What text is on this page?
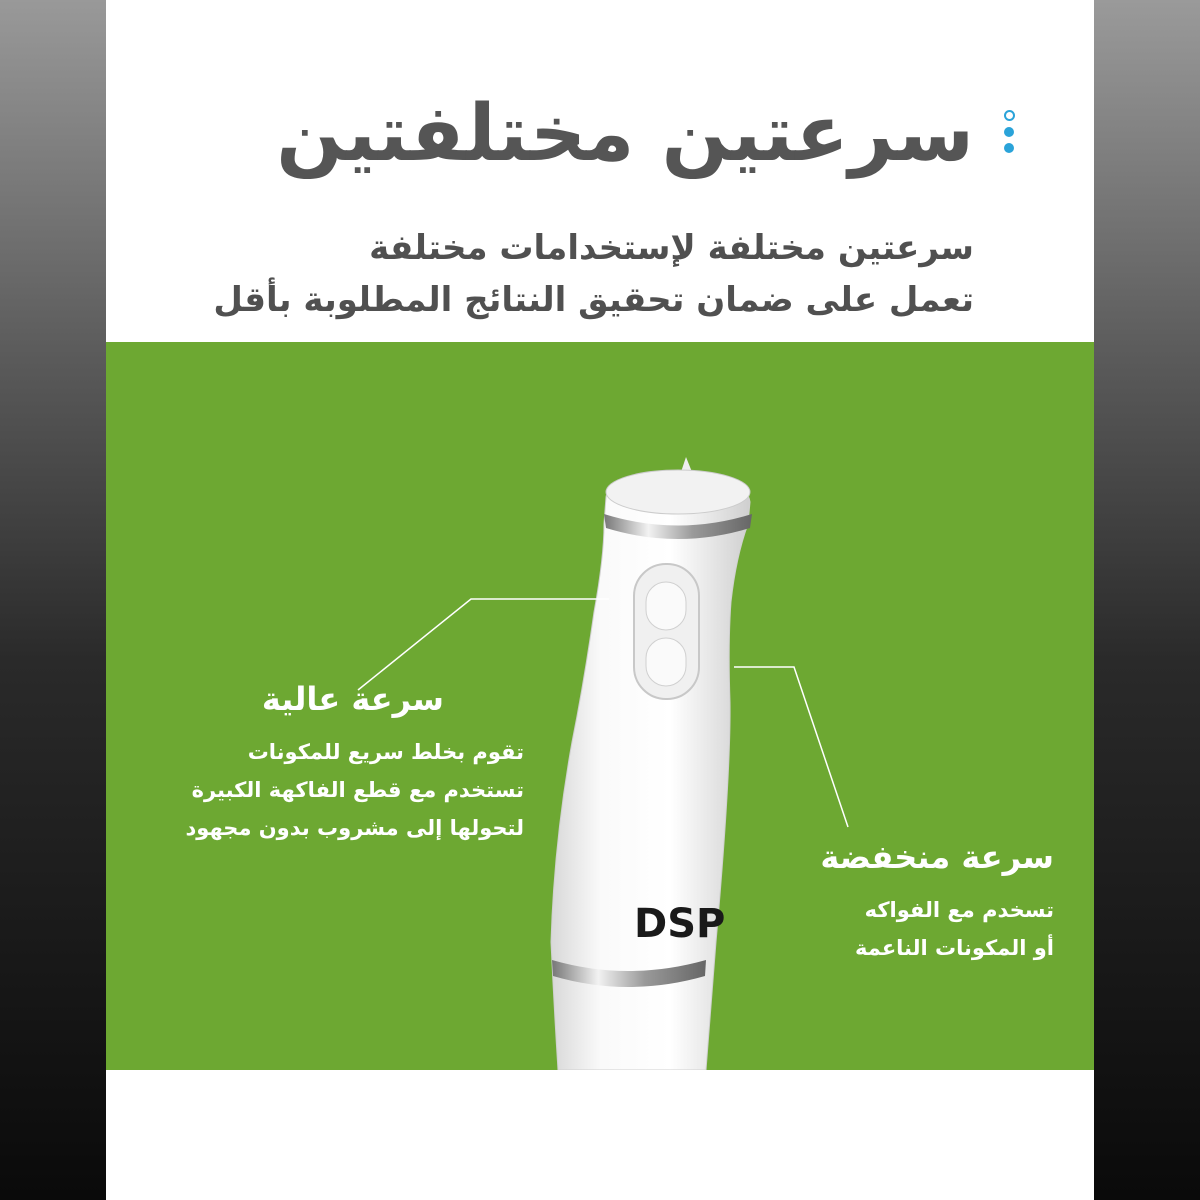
سرعتين مختلفتين
سرعتين مختلفة لإستخدامات مختلفة
تعمل على ضمان تحقيق النتائج المطلوبة بأقل
DSP
سرعة عالية
تقوم بخلط سريع للمكونات
تستخدم مع قطع الفاكهة الكبيرة
لتحولها إلى مشروب بدون مجهود
سرعة منخفضة
تسخدم مع الفواكه
أو المكونات الناعمة
